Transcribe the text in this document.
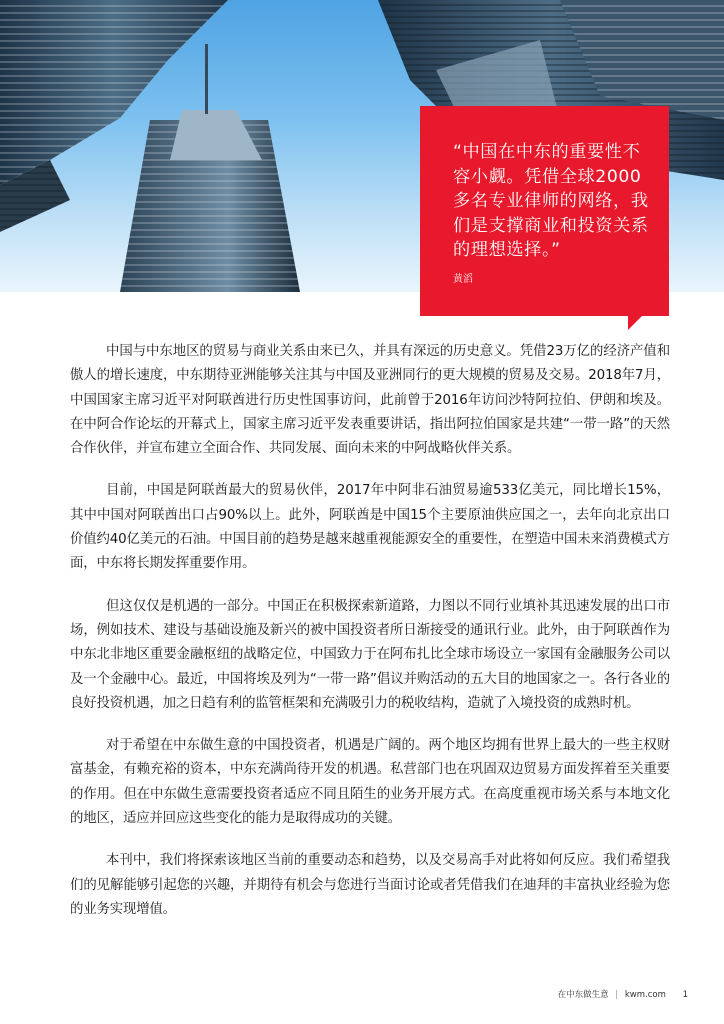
“中国在中东的重要性不容小觑。凭借全球2000多名专业律师的网络，我们是支撑商业和投资关系的理想选择。”
黄滔

中国与中东地区的贸易与商业关系由来已久，并具有深远的历史意义。凭借23万亿的经济产值和傲人的增长速度，中东期待亚洲能够关注其与中国及亚洲同行的更大规模的贸易及交易。2018年7月，中国国家主席习近平对阿联酋进行历史性国事访问，此前曾于2016年访问沙特阿拉伯、伊朗和埃及。在中阿合作论坛的开幕式上，国家主席习近平发表重要讲话，指出阿拉伯国家是共建“一带一路”的天然合作伙伴，并宣布建立全面合作、共同发展、面向未来的中阿战略伙伴关系。

目前，中国是阿联酋最大的贸易伙伴，2017年中阿非石油贸易逾533亿美元，同比增长15%，其中中国对阿联酋出口占90%以上。此外，阿联酋是中国15个主要原油供应国之一，去年向北京出口价值约40亿美元的石油。中国目前的趋势是越来越重视能源安全的重要性，在塑造中国未来消费模式方面，中东将长期发挥重要作用。

但这仅仅是机遇的一部分。中国正在积极探索新道路，力图以不同行业填补其迅速发展的出口市场，例如技术、建设与基础设施及新兴的被中国投资者所日渐接受的通讯行业。此外，由于阿联酋作为中东北非地区重要金融枢纽的战略定位，中国致力于在阿布扎比全球市场设立一家国有金融服务公司以及一个金融中心。最近，中国将埃及列为“一带一路”倡议并购活动的五大目的地国家之一。各行各业的良好投资机遇，加之日趋有利的监管框架和充满吸引力的税收结构，造就了入境投资的成熟时机。

对于希望在中东做生意的中国投资者，机遇是广阔的。两个地区均拥有世界上最大的一些主权财富基金，有赖充裕的资本，中东充满尚待开发的机遇。私营部门也在巩固双边贸易方面发挥着至关重要的作用。但在中东做生意需要投资者适应不同且陌生的业务开展方式。在高度重视市场关系与本地文化的地区，适应并回应这些变化的能力是取得成功的关键。

本刊中，我们将探索该地区当前的重要动态和趋势，以及交易高手对此将如何反应。我们希望我们的见解能够引起您的兴趣，并期待有机会与您进行当面讨论或者凭借我们在迪拜的丰富执业经验为您的业务实现增值。

在中东做生意 | kwm.com 1
